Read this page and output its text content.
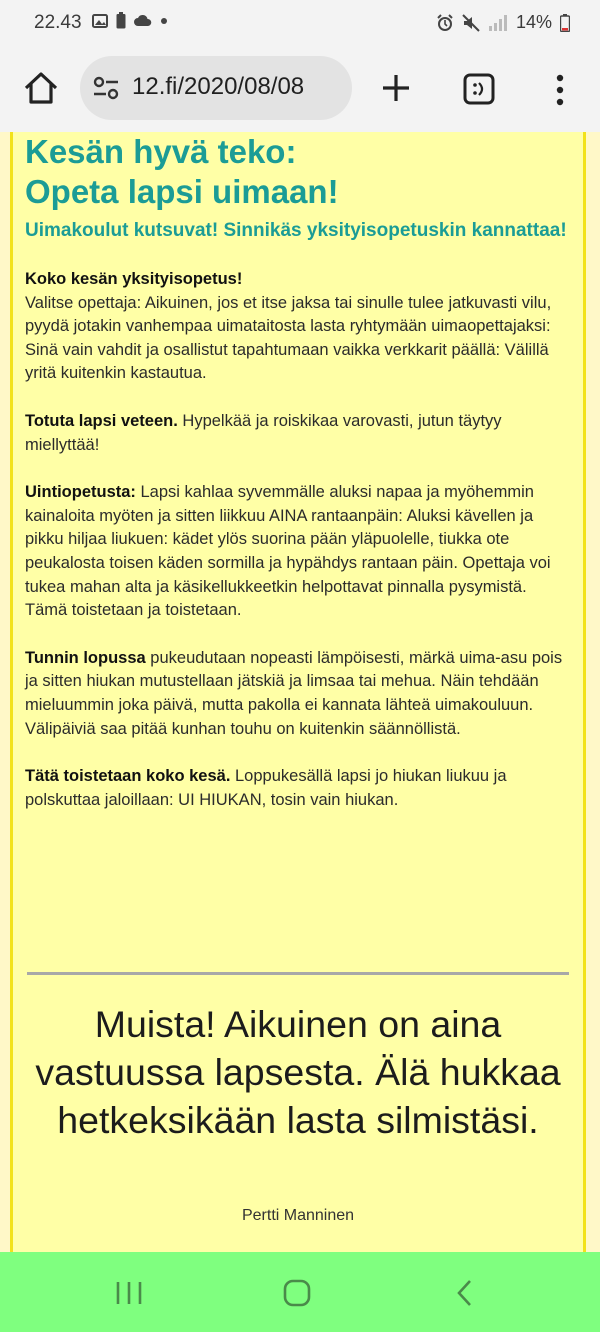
22.43	14%
12.fi/2020/08/08
Kesän hyvä teko:
Opeta lapsi uimaan!

Uimakoulut kutsuvat! Sinnikäs yksityisopetuskin kannattaa!

Koko kesän yksityisopetus!
Valitse opettaja: Aikuinen, jos et itse jaksa tai sinulle tulee jatkuvasti vilu, pyydä jotakin vanhempaa uimataitosta lasta ryhtymään uimaopettajaksi: Sinä vain vahdit ja osallistut tapahtumaan vaikka verkkarit päällä: Välillä yritä kuitenkin kastautua.

Totuta lapsi veteen. Hypelkää ja roiskikaa varovasti, jutun täytyy miellyttää!

Uintiopetusta: Lapsi kahlaa syvemmälle aluksi napaa ja myöhemmin kainaloita myöten ja sitten liikkuu AINA rantaanpäin: Aluksi kävellen ja pikku hiljaa liukuen: kädet ylös suorina pään yläpuolelle, tiukka ote peukalosta toisen käden sormilla ja hypähdys rantaan päin. Opettaja voi tukea mahan alta ja käsikellukkeetkin helpottavat pinnalla pysymistä. Tämä toistetaan ja toistetaan.

Tunnin lopussa pukeudutaan nopeasti lämpöisesti, märkä uima-asu pois ja sitten hiukan mutustellaan jätskiä ja limsaa tai mehua. Näin tehdään mieluummin joka päivä, mutta pakolla ei kannata lähteä uimakouluun. Välipäiviä saa pitää kunhan touhu on kuitenkin säännöllistä.

Tätä toistetaan koko kesä. Loppukesällä lapsi jo hiukan liukuu ja polskuttaa jaloillaan: UI HIUKAN, tosin vain hiukan.

Muista! Aikuinen on aina vastuussa lapsesta. Älä hukkaa hetkeksikään lasta silmistäsi.
Pertti Manninen
